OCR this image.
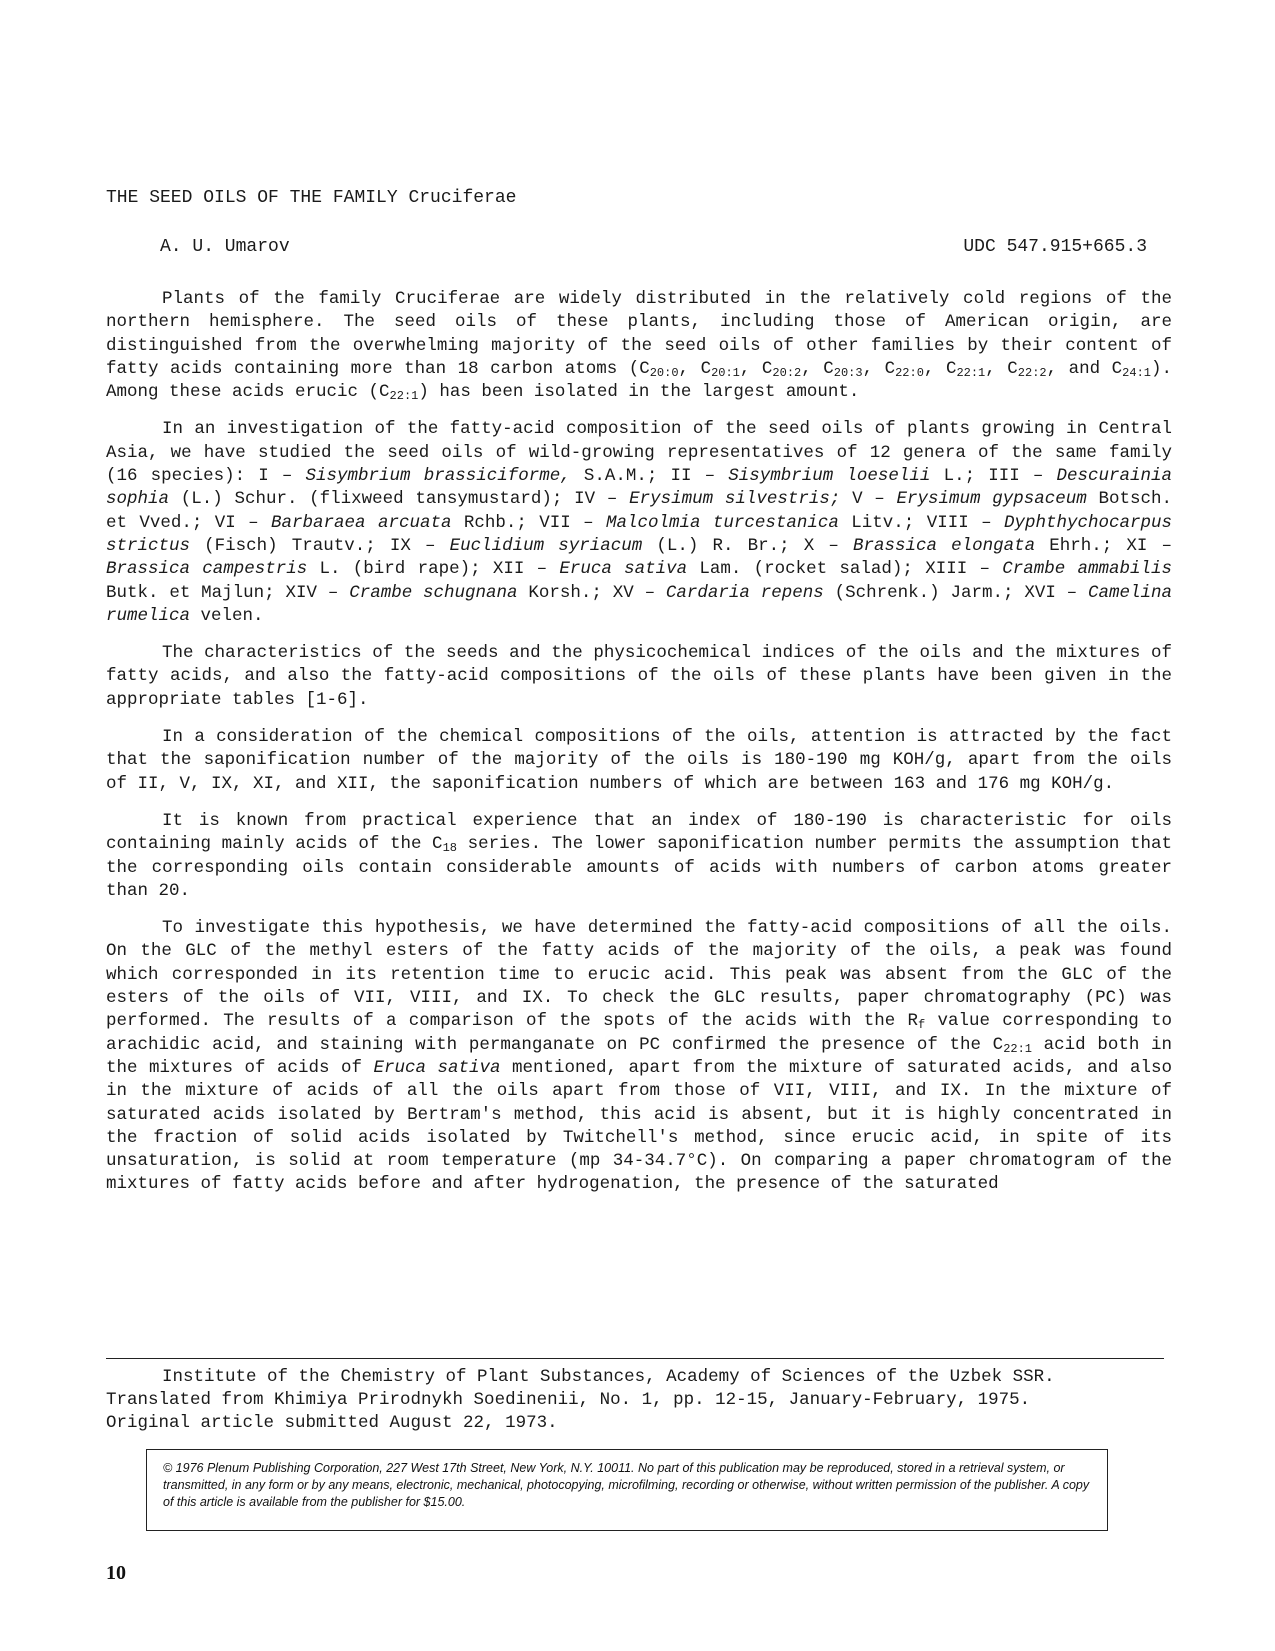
THE SEED OILS OF THE FAMILY Cruciferae
A. U. Umarov	UDC 547.915+665.3

Plants of the family Cruciferae are widely distributed in the relatively cold regions of the northern hemisphere. The seed oils of these plants, including those of American origin, are distinguished from the overwhelming majority of the seed oils of other families by their content of fatty acids containing more than 18 carbon atoms ($C_{20:0}$, $C_{20:1}$, $C_{20:2}$, $C_{20:3}$, $C_{22:0}$, $C_{22:1}$, $C_{22:2}$, and $C_{24:1}$). Among these acids erucic $(C_{22:1})$ has been isolated in the largest amount.

In an investigation of the fatty-acid composition of the seed oils of plants growing in Central Asia, we have studied the seed oils of wild-growing representatives of 12 genera of the same family (16 species): I – Sisymbrium brassiciforme, S.A.M.; II – Sisymbrium loeselii L.; III – Descurainia sophia (L.) Schur. (flixweed tansymustard); IV – Erysimum silvestris; V – Erysimum gypsaceum Botsch. et Vved.; VI – Barbaraea arcuata Rchb.; VII – Malcolmia turcestanica Litv.; VIII – Dyphthychocarpus strictus (Fisch) Trautv.; IX – Euclidium syriacum (L.) R. Br.; X – Brassica elongata Ehrh.; XI – Brassica campestris L. (bird rape); XII – Eruca sativa Lam. (rocket salad); XIII – Crambe ammabilis Butk. et Majlun; XIV – Crambe schugnana Korsh.; XV – Cardaria repens (Schrenk.) Jarm.; XVI – Camelina rumelica velen.

The characteristics of the seeds and the physicochemical indices of the oils and the mixtures of fatty acids, and also the fatty-acid compositions of the oils of these plants have been given in the appropriate tables [1-6].

In a consideration of the chemical compositions of the oils, attention is attracted by the fact that the saponification number of the majority of the oils is 180-190 mg KOH/g, apart from the oils of II, V, IX, XI, and XII, the saponification numbers of which are between 163 and 176 mg KOH/g.

It is known from practical experience that an index of 180-190 is characteristic for oils containing mainly acids of the $C_{18}$ series. The lower saponification number permits the assumption that the corresponding oils contain considerable amounts of acids with numbers of carbon atoms greater than 20.

To investigate this hypothesis, we have determined the fatty-acid compositions of all the oils. On the GLC of the methyl esters of the fatty acids of the majority of the oils, a peak was found which corresponded in its retention time to erucic acid. This peak was absent from the GLC of the esters of the oils of VII, VIII, and IX. To check the GLC results, paper chromatography (PC) was performed. The results of a comparison of the spots of the acids with the $R_f$ value corresponding to arachidic acid, and staining with permanganate on PC confirmed the presence of the $C_{22:1}$ acid both in the mixtures of acids of Eruca sativa mentioned, apart from the mixture of saturated acids, and also in the mixture of acids of all the oils apart from those of VII, VIII, and IX. In the mixture of saturated acids isolated by Bertram's method, this acid is absent, but it is highly concentrated in the fraction of solid acids isolated by Twitchell's method, since erucic acid, in spite of its unsaturation, is solid at room temperature (mp 34-34.7°C). On comparing a paper chromatogram of the mixtures of fatty acids before and after hydrogenation, the presence of the saturated

Institute of the Chemistry of Plant Substances, Academy of Sciences of the Uzbek SSR.

Translated from Khimiya Prirodnykh Soedinenii, No. 1, pp. 12-15, January-February, 1975.

Original article submitted August 22, 1973.

© 1976 Plenum Publishing Corporation, 227 West 17th Street, New York, N.Y. 10011. No part of this publication may be reproduced, stored in a retrieval system, or transmitted, in any form or by any means, electronic, mechanical, photocopying, microfilming, recording or otherwise, without written permission of the publisher. A copy of this article is available from the publisher for $15.00.
10
